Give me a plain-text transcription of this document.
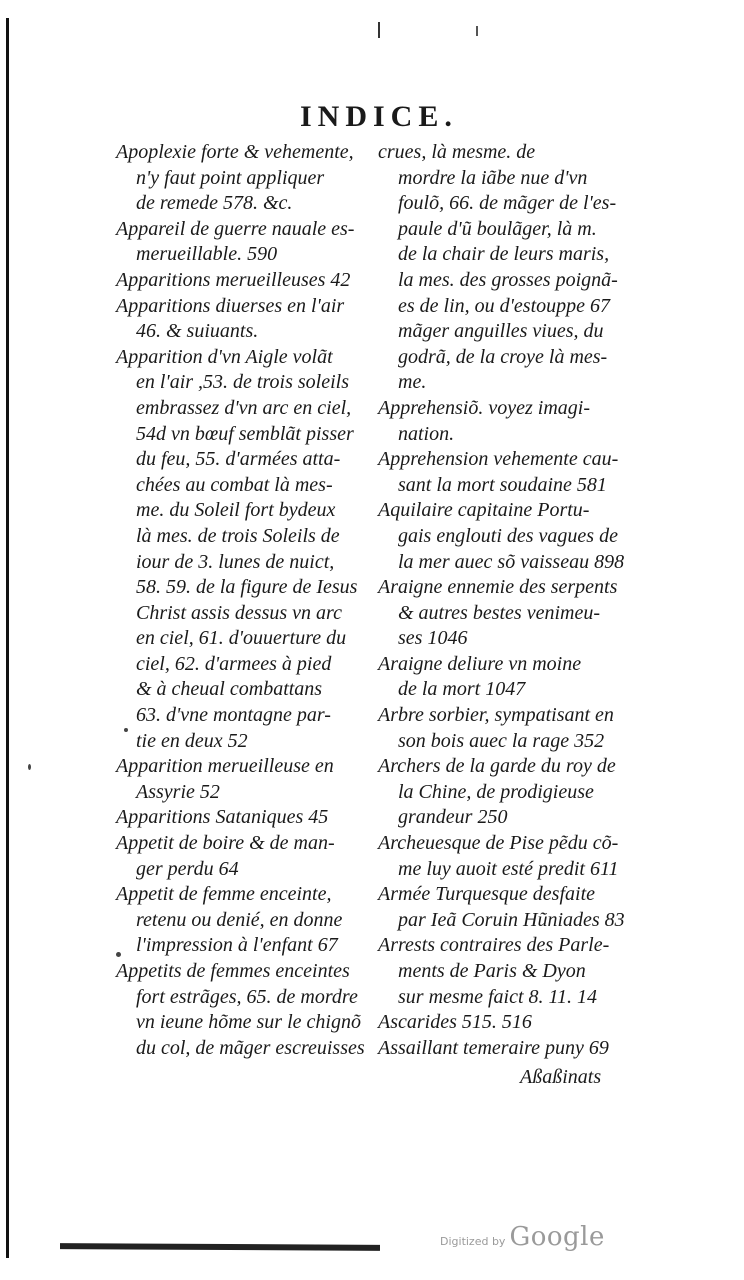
INDICE.
Apoplexie forte & vehemente,
n'y faut point appliquer
de remede 578. &c.
Appareil de guerre nauale es-
merueillable. 590
Apparitions merueilleuses 42
Apparitions diuerses en l'air
46. & suiuants.
Apparition d'vn Aigle volãt
en l'air ,53. de trois soleils
embrassez d'vn arc en ciel,
54d vn bœuf semblãt pisser
du feu, 55. d'armées atta-
chées au combat là mes-
me. du Soleil fort bydeux
là mes. de trois Soleils de
iour de 3. lunes de nuict,
58. 59. de la figure de Iesus
Christ assis dessus vn arc
en ciel, 61. d'ouuerture du
ciel, 62. d'armees à pied
& à cheual combattans
63. d'vne montagne par-
tie en deux 52
Apparition merueilleuse en
Assyrie 52
Apparitions Sataniques 45
Appetit de boire & de man-
ger perdu 64
Appetit de femme enceinte,
retenu ou denié, en donne
l'impression à l'enfant 67
Appetits de femmes enceintes
fort estrãges, 65. de mordre
vn ieune hõme sur le chignõ
du col, de mãger escreuisses
crues, là mesme. de
mordre la iãbe nue d'vn
foulõ, 66. de mãger de l'es-
paule d'ũ boulãger, là m.
de la chair de leurs maris,
la mes. des grosses poignã-
es de lin, ou d'estouppe 67
mãger anguilles viues, du
godrã, de la croye là mes-
me.
Apprehensiõ. voyez imagi-
nation.
Apprehension vehemente cau-
sant la mort soudaine 581
Aquilaire capitaine Portu-
gais englouti des vagues de
la mer auec sõ vaisseau 898
Araigne ennemie des serpents
& autres bestes venimeu-
ses 1046
Araigne deliure vn moine
de la mort 1047
Arbre sorbier, sympatisant en
son bois auec la rage 352
Archers de la garde du roy de
la Chine, de prodigieuse
grandeur 250
Archeuesque de Pise pẽdu cõ-
me luy auoit esté predit 611
Armée Turquesque desfaite
par Ieã Coruin Hũniades 83
Arrests contraires des Parle-
ments de Paris & Dyon
sur mesme faict 8. 11. 14
Ascarides 515. 516
Assaillant temeraire puny 69
Aßaßinats
Digitized by Google
